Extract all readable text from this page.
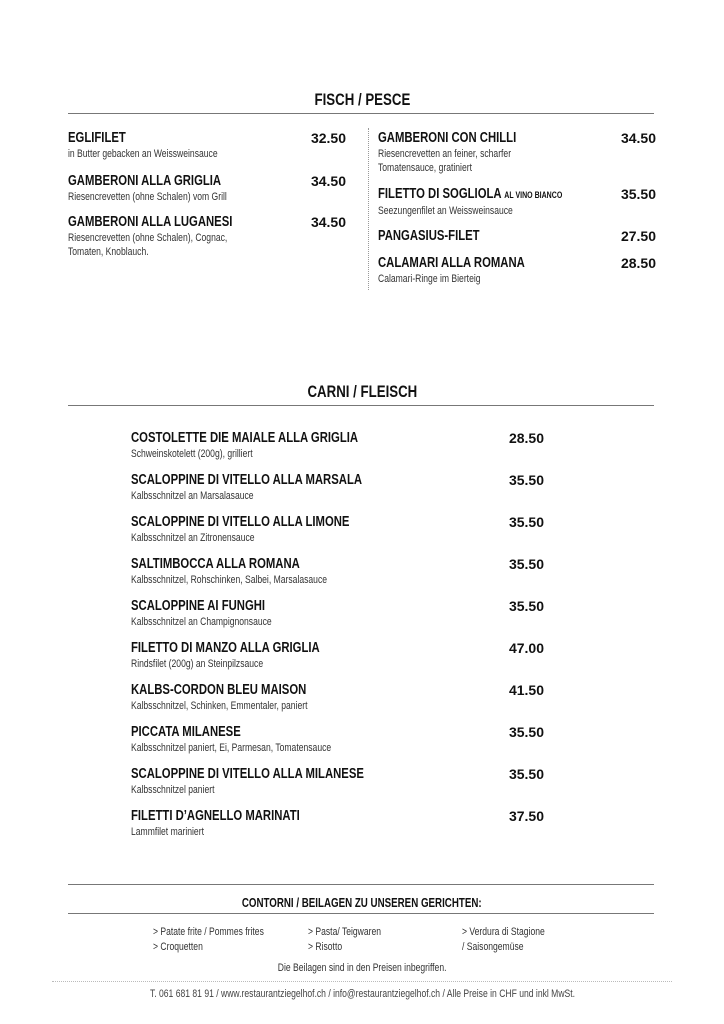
FISCH / PESCE
EGLIFILET
in Butter gebacken an Weissweinsauce
32.50
GAMBERONI ALLA GRIGLIA
Riesencrevetten (ohne Schalen) vom Grill
34.50
GAMBERONI ALLA LUGANESI
Riesencrevetten (ohne Schalen), Cognac,
Tomaten, Knoblauch.
34.50
GAMBERONI CON CHILLI
Riesencrevetten an feiner, scharfer
Tomatensauce, gratiniert
34.50
FILETTO DI SOGLIOLA AL VINO BIANCO
Seezungenfilet an Weissweinsauce
35.50
PANGASIUS-FILET	27.50
CALAMARI ALLA ROMANA
Calamari-Ringe im Bierteig
28.50
CARNI / FLEISCH
COSTOLETTE DIE MAIALE ALLA GRIGLIA
Schweinskotelett (200g), grilliert
28.50
SCALOPPINE DI VITELLO ALLA MARSALA
Kalbsschnitzel an Marsalasauce
35.50
SCALOPPINE DI VITELLO ALLA LIMONE
Kalbsschnitzel an Zitronensauce
35.50
SALTIMBOCCA ALLA ROMANA
Kalbsschnitzel, Rohschinken, Salbei, Marsalasauce
35.50
SCALOPPINE AI FUNGHI
Kalbsschnitzel an Champignonsauce
35.50
FILETTO DI MANZO ALLA GRIGLIA
Rindsfilet (200g) an Steinpilzsauce
47.00
KALBS-CORDON BLEU MAISON
Kalbsschnitzel, Schinken, Emmentaler, paniert
41.50
PICCATA MILANESE
Kalbsschnitzel paniert, Ei, Parmesan, Tomatensauce
35.50
SCALOPPINE DI VITELLO ALLA MILANESE
Kalbsschnitzel paniert
35.50
FILETTI D’AGNELLO MARINATI
Lammfilet mariniert
37.50
CONTORNI / BEILAGEN ZU UNSEREN GERICHTEN:
> Patate frite / Pommes frites
> Croquetten
> Pasta/ Teigwaren
> Risotto
> Verdura di Stagione
/ Saisongemüse
Die Beilagen sind in den Preisen inbegriffen.
T. 061 681 81 91 / www.restaurantziegelhof.ch / info@restaurantziegelhof.ch / Alle Preise in CHF und inkl MwSt.
